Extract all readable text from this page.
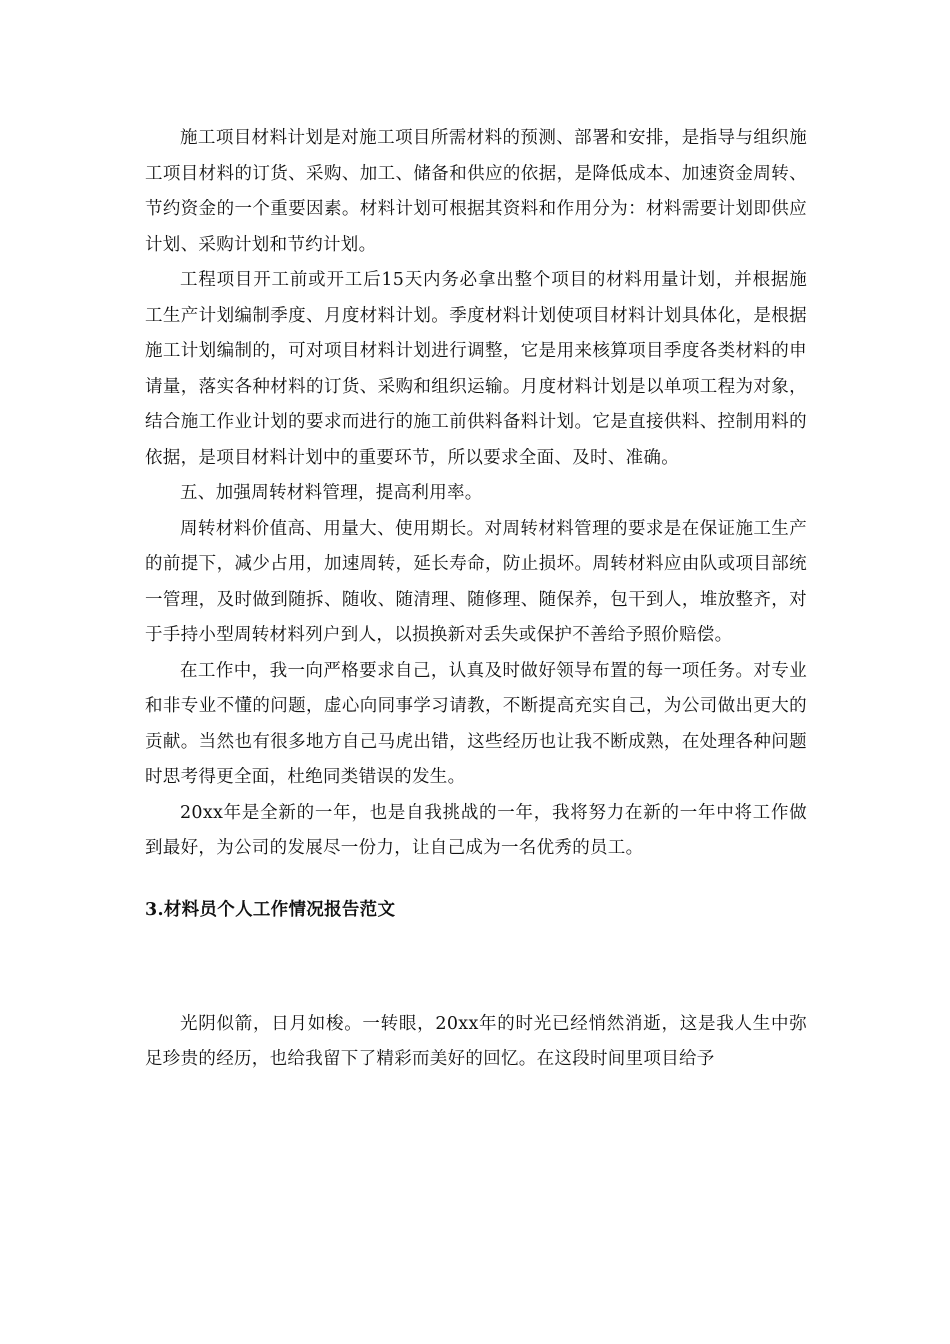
施工项目材料计划是对施工项目所需材料的预测、部署和安排，是指导与组织施工项目材料的订货、采购、加工、储备和供应的依据，是降低成本、加速资金周转、节约资金的一个重要因素。材料计划可根据其资料和作用分为：材料需要计划即供应计划、采购计划和节约计划。

工程项目开工前或开工后15天内务必拿出整个项目的材料用量计划，并根据施工生产计划编制季度、月度材料计划。季度材料计划使项目材料计划具体化，是根据施工计划编制的，可对项目材料计划进行调整，它是用来核算项目季度各类材料的申请量，落实各种材料的订货、采购和组织运输。月度材料计划是以单项工程为对象，结合施工作业计划的要求而进行的施工前供料备料计划。它是直接供料、控制用料的依据，是项目材料计划中的重要环节，所以要求全面、及时、准确。

五、加强周转材料管理，提高利用率。

周转材料价值高、用量大、使用期长。对周转材料管理的要求是在保证施工生产的前提下，减少占用，加速周转，延长寿命，防止损坏。周转材料应由队或项目部统一管理，及时做到随拆、随收、随清理、随修理、随保养，包干到人，堆放整齐，对于手持小型周转材料列户到人，以损换新对丢失或保护不善给予照价赔偿。

在工作中，我一向严格要求自己，认真及时做好领导布置的每一项任务。对专业和非专业不懂的问题，虚心向同事学习请教，不断提高充实自己，为公司做出更大的贡献。当然也有很多地方自己马虎出错，这些经历也让我不断成熟，在处理各种问题时思考得更全面，杜绝同类错误的发生。

20xx年是全新的一年，也是自我挑战的一年，我将努力在新的一年中将工作做到最好，为公司的发展尽一份力，让自己成为一名优秀的员工。

3.材料员个人工作情况报告范文

光阴似箭，日月如梭。一转眼，20xx年的时光已经悄然消逝，这是我人生中弥足珍贵的经历，也给我留下了精彩而美好的回忆。在这段时间里项目给予
